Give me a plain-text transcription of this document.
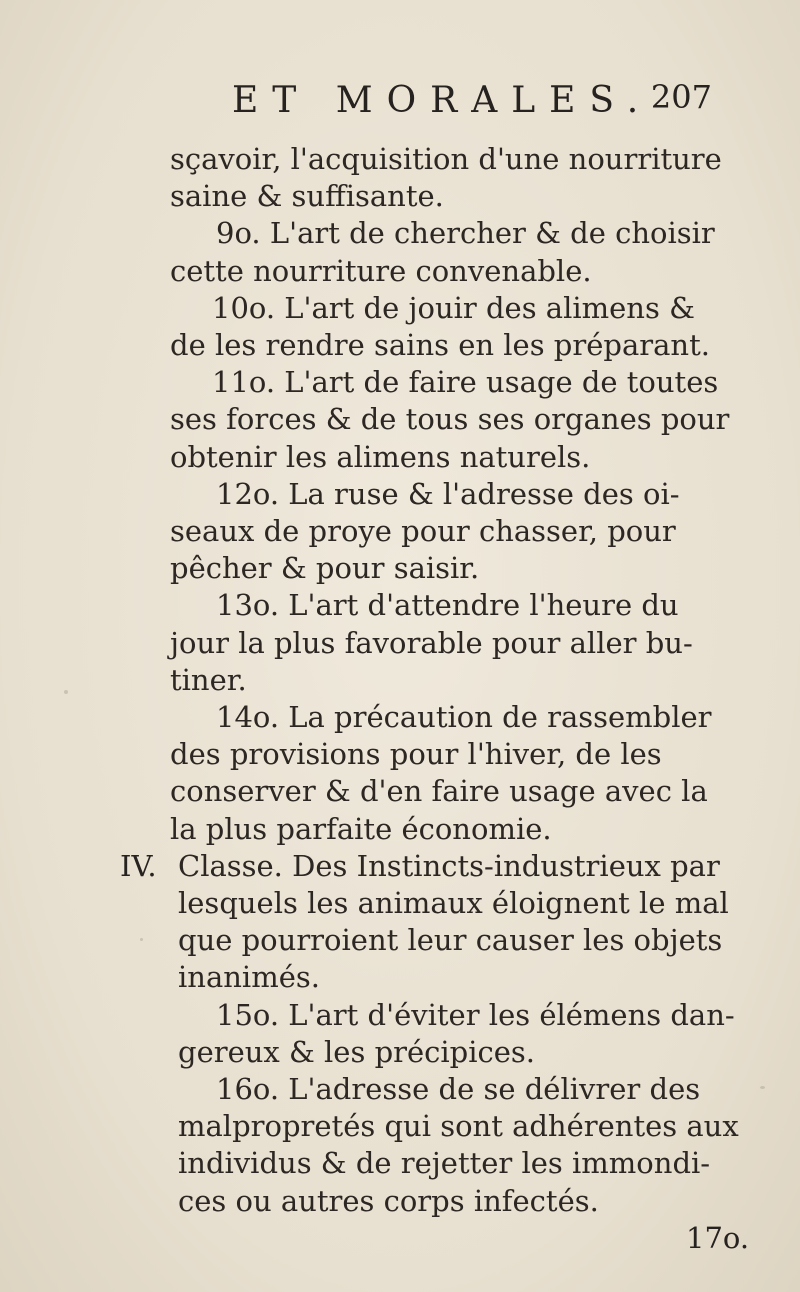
ET MORALES.
207
sçavoir, l'acquisition d'une nourriture
saine & suffisante.
9o. L'art de chercher & de choisir
cette nourriture convenable.
10o. L'art de jouir des alimens &
de les rendre sains en les préparant.
11o. L'art de faire usage de toutes
ses forces & de tous ses organes pour
obtenir les alimens naturels.
12o. La ruse & l'adresse des oi-
seaux de proye pour chasser, pour
pêcher & pour saisir.
13o. L'art d'attendre l'heure du
jour la plus favorable pour aller bu-
tiner.
14o. La précaution de rassembler
des provisions pour l'hiver, de les
conserver & d'en faire usage avec la
la plus parfaite économie.
Classe. Des Instincts-industrieux par
lesquels les animaux éloignent le mal
que pourroient leur causer les objets
inanimés.
15o. L'art d'éviter les élémens dan-
gereux & les précipices.
16o. L'adresse de se délivrer des
malpropretés qui sont adhérentes aux
IV.
individus & de rejetter les immondi-
ces ou autres corps infectés.
17o.
